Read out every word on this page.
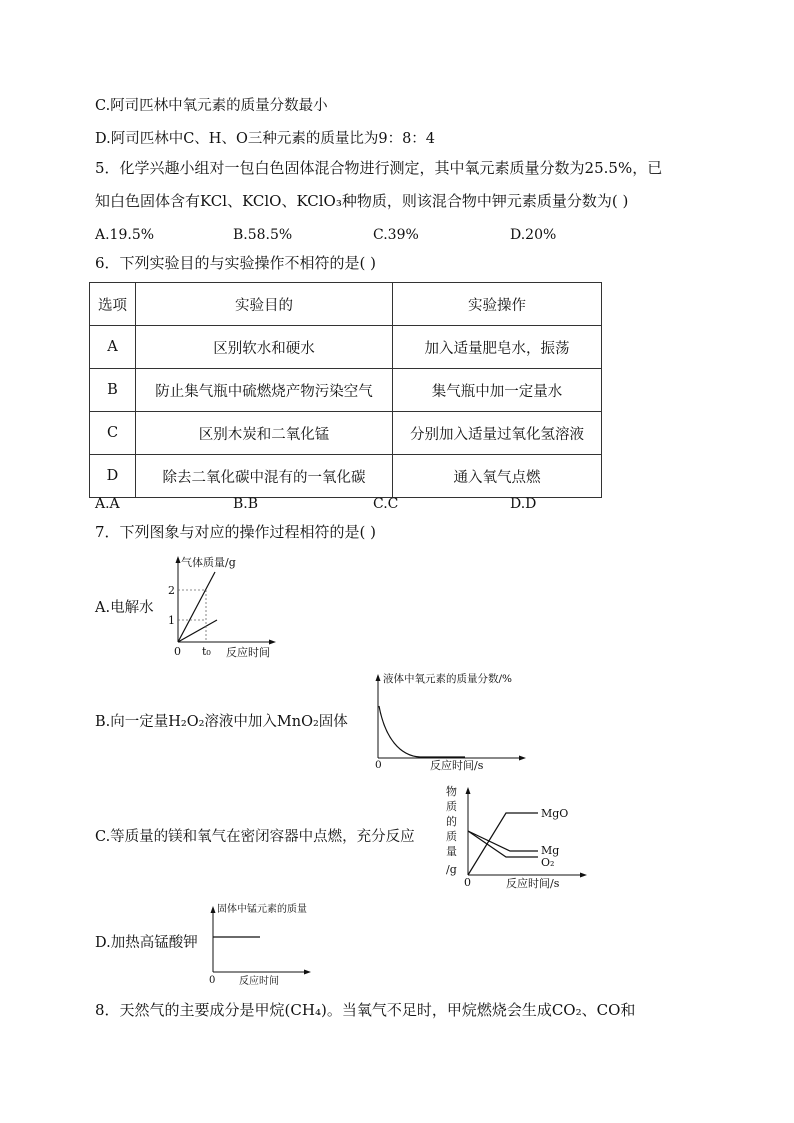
C.阿司匹林中氧元素的质量分数最小
D.阿司匹林中C、H、O三种元素的质量比为9：8：4
5．化学兴趣小组对一包白色固体混合物进行测定，其中氧元素质量分数为25.5%，已
知白色固体含有KCl、KClO、KClO₃种物质，则该混合物中钾元素质量分数为( )
A.19.5%	B.58.5%	C.39%	D.20%
6．下列实验目的与实验操作不相符的是( )
选项	实验目的	实验操作
A	区别软水和硬水	加入适量肥皂水，振荡
B	防止集气瓶中硫燃烧产物污染空气	集气瓶中加一定量水
C	区别木炭和二氧化锰	分别加入适量过氧化氢溶液
D	除去二氧化碳中混有的一氧化碳	通入氧气点燃
A.A	B.B	C.C	D.D
7．下列图象与对应的操作过程相符的是( )
A.电解水
气体质量/g
2
1
0 t₀ 反应时间
B.向一定量H₂O₂溶液中加入MnO₂固体
液体中氧元素的质量分数/%
0	反应时间/s
C.等质量的镁和氧气在密闭容器中点燃，充分反应
物
质
的
质
量
/g
MgO
Mg
O₂
0	反应时间/s
D.加热高锰酸钾
固体中锰元素的质量
0 反应时间
8．天然气的主要成分是甲烷(CH₄)。当氧气不足时，甲烷燃烧会生成CO₂、CO和
